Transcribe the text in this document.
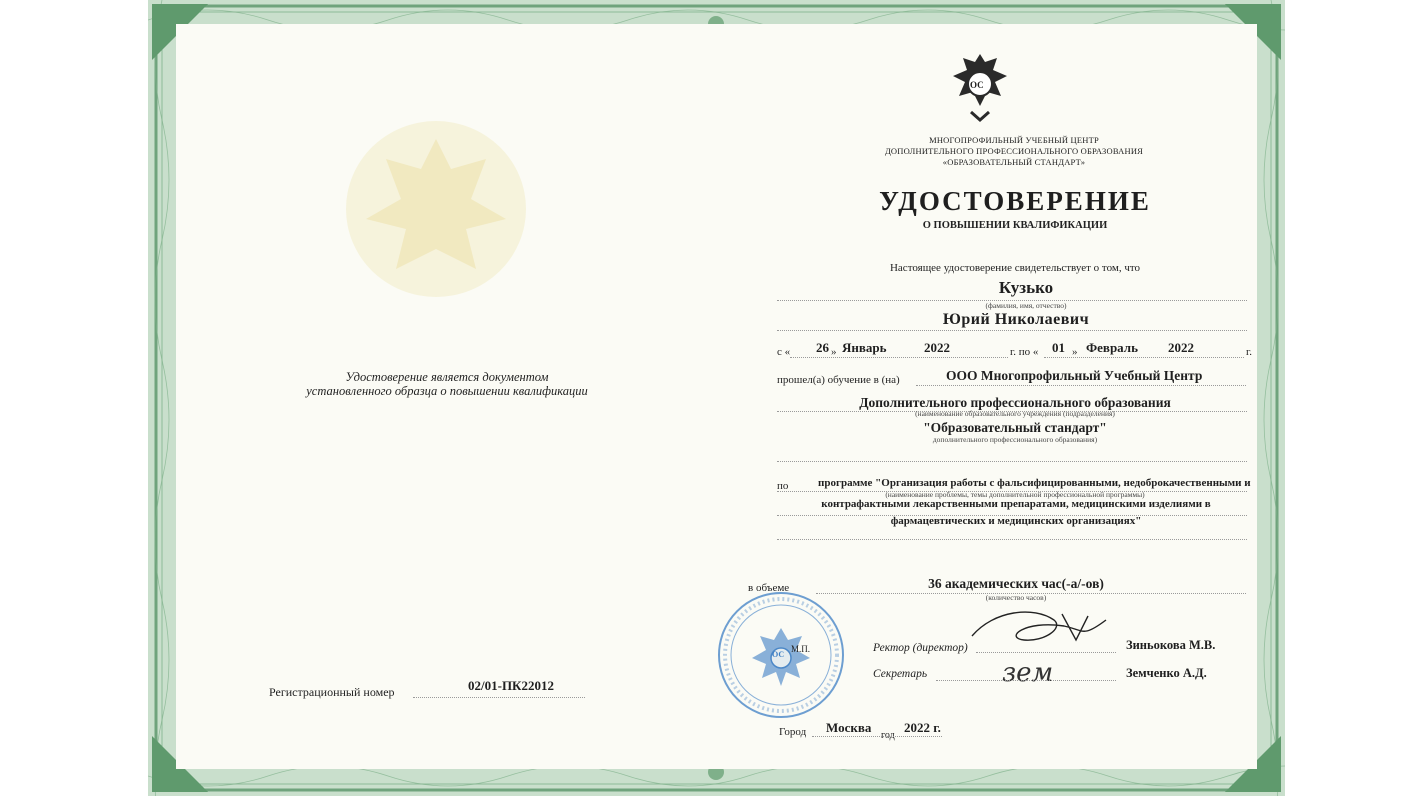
Удостоверение является документом
установленного образца о повышении квалификации
Регистрационный номер	02/01-ПК22012
ОС
МНОГОПРОФИЛЬНЫЙ УЧЕБНЫЙ ЦЕНТР
ДОПОЛНИТЕЛЬНОГО ПРОФЕССИОНАЛЬНОГО ОБРАЗОВАНИЯ
«ОБРАЗОВАТЕЛЬНЫЙ СТАНДАРТ»
УДОСТОВЕРЕНИЕ
О ПОВЫШЕНИИ КВАЛИФИКАЦИИ
Настоящее удостоверение свидетельствует о том, что
Кузько
(фамилия, имя, отчество)
Юрий Николаевич
с « 26 » Январь	2022	г. по « 01 » Февраль 2022	г.
прошел(а) обучение в (на)	ООО Многопрофильный Учебный Центр
Дополнительного профессионального образования
(наименование образовательного учреждения (подразделения)
"Образовательный стандарт"
дополнительного профессионального образования)
по	программе "Организация работы с фальсифицированными, недоброкачественными и
(наименование проблемы, темы дополнительной профессиональной программы)
контрафактными лекарственными препаратами, медицинскими изделиями в
фармацевтических и медицинских организациях"
в объеме	36 академических час(-а/-ов)
(количество часов)
ОС
М.П.	Ректор (директор)	Зиньокова М.В.
Секретарь	зем	Земченко А.Д.
Город Москва
год
2022 г.
